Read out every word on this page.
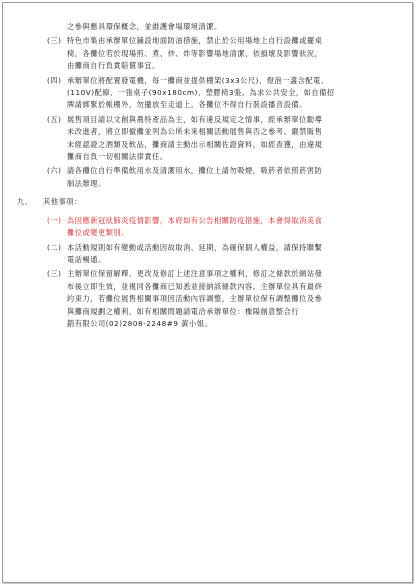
之參與應具環保概念，並維護會場環境清潔。
(三) 特色市集由承辦單位鋪設地面防油措施，禁止於公用場地上自行設攤或擺桌
椅，各攤位若於現場煎、煮、炒、炸等影響場地清潔，依損壞及影響狀況，
由攤商自行負責賠償事宜。
(四) 承辦單位將配置發電機，每一攤商並提供棚架(3x3公尺)、燈泡一盞含配電、
(110V)配線、一張桌子(90x180cm)、塑膠椅3張。為求公共安全，如自備招
牌請綁緊於帳棚外，勿擺放至走道上。各攤位不得自行裝設播音設備。
(五) 展售項目請以文創與農特產品為主，如有違反規定之情事，經承辦單位勸導
未改進者，將立即撤攤並列為公所未來相關活動展售與否之參考。嚴禁販售
未經認證之酒類及飲品，攤商請主動出示相關佐證資料，如經查獲，由違規
攤商自負一切相關法律責任。
(六) 請各攤位自行準備飲用水及清潔用水，攤位上請勿吸煙，吸菸者依照菸害防
制法辦理。
九、 其他事項：
(一) 為因應新冠狀肺炎疫情影響，本府如有公告相關防疫措施，本會得取消美食
攤位或變更類別。
(二) 本活動規則如有變動或活動因故取消、延期，為確保個人權益，請保持聯繫
電話暢通。
(三) 主辦單位保留解釋、更改及修訂上述注意事項之權利，修訂之條款於網站發
布後立即生效，並視同各攤商已知悉並接納該條款內容。主辦單位具有最終
約束力，若攤位展售相關事項因活動內容調整，主辦單位保有調整攤位及參
與攤商規劃之權利，如有相關問題請電洽承辦單位：橡陽創意整合行
銷有限公司(02)2808-2248#9 黃小姐。
